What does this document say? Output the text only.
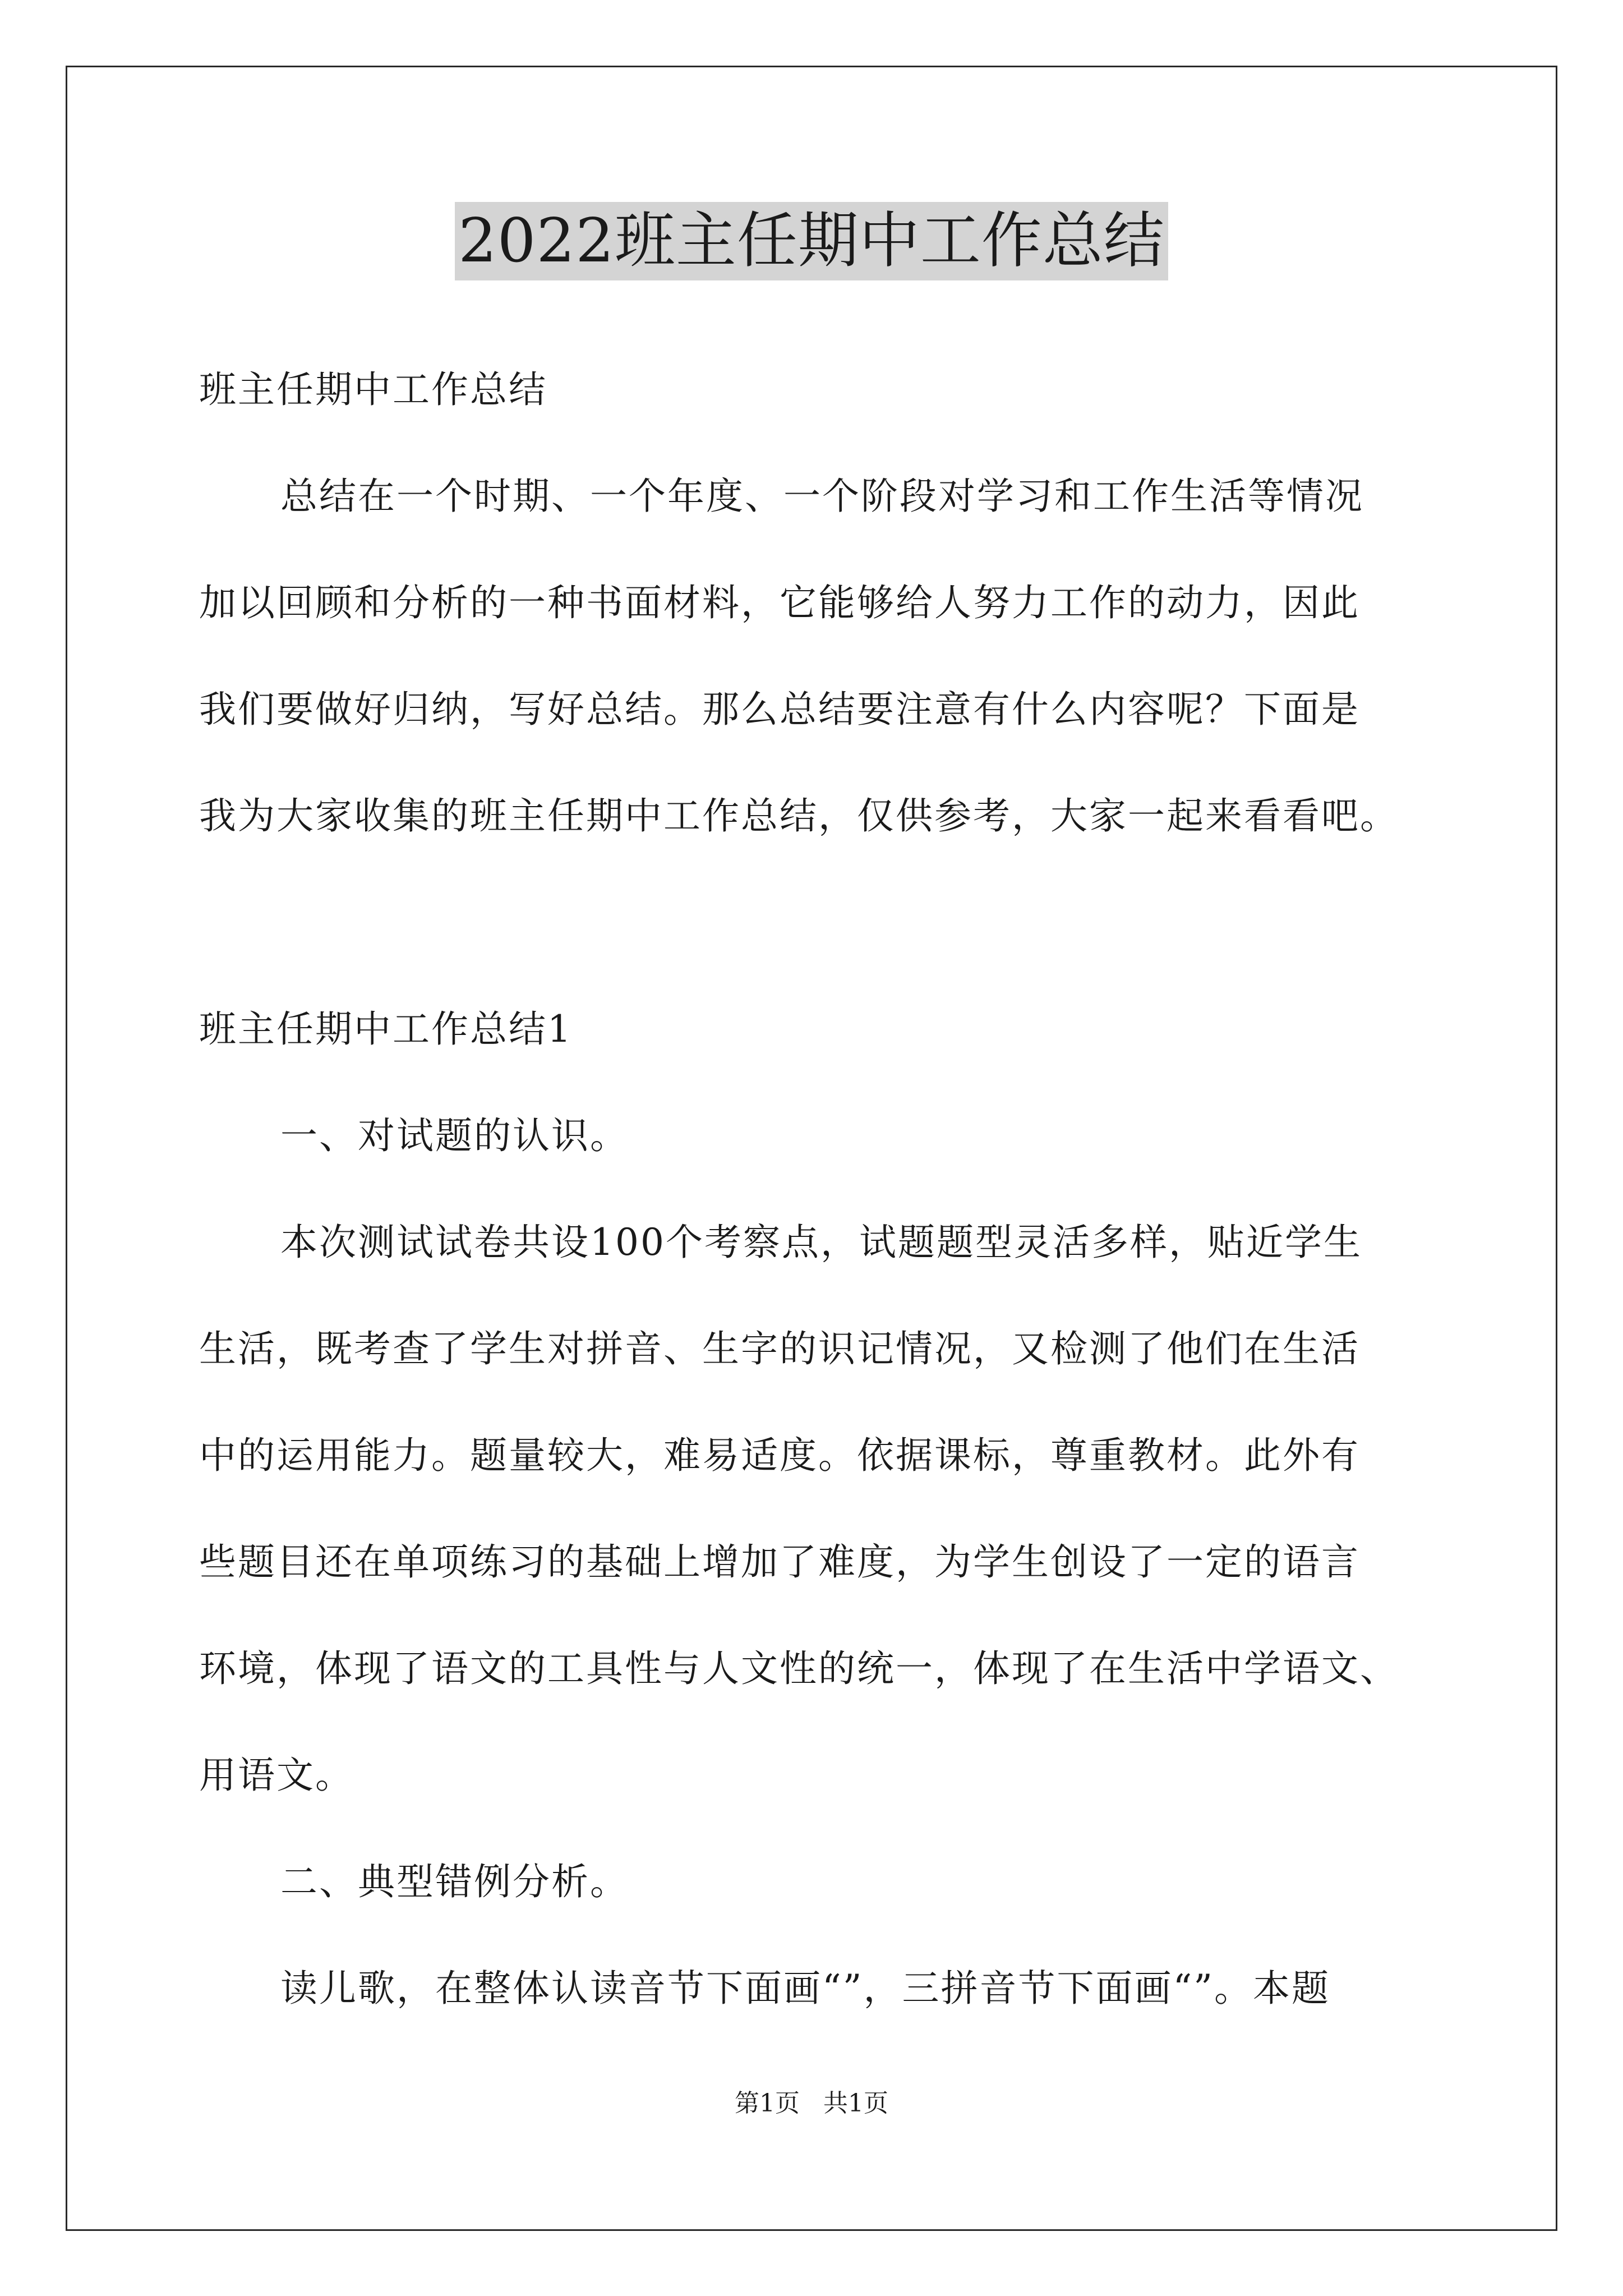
2022班主任期中工作总结
班主任期中工作总结
总结在一个时期、一个年度、一个阶段对学习和工作生活等情况
加以回顾和分析的一种书面材料，它能够给人努力工作的动力，因此
我们要做好归纳，写好总结。那么总结要注意有什么内容呢？下面是
我为大家收集的班主任期中工作总结，仅供参考，大家一起来看看吧。
班主任期中工作总结1
一、对试题的认识。
本次测试试卷共设100个考察点，试题题型灵活多样，贴近学生
生活，既考查了学生对拼音、生字的识记情况，又检测了他们在生活
中的运用能力。题量较大，难易适度。依据课标，尊重教材。此外有
些题目还在单项练习的基础上增加了难度，为学生创设了一定的语言
环境，体现了语文的工具性与人文性的统一，体现了在生活中学语文、
用语文。
二、典型错例分析。
读儿歌，在整体认读音节下面画“”，三拼音节下面画“”。本题
第1页 共1页
